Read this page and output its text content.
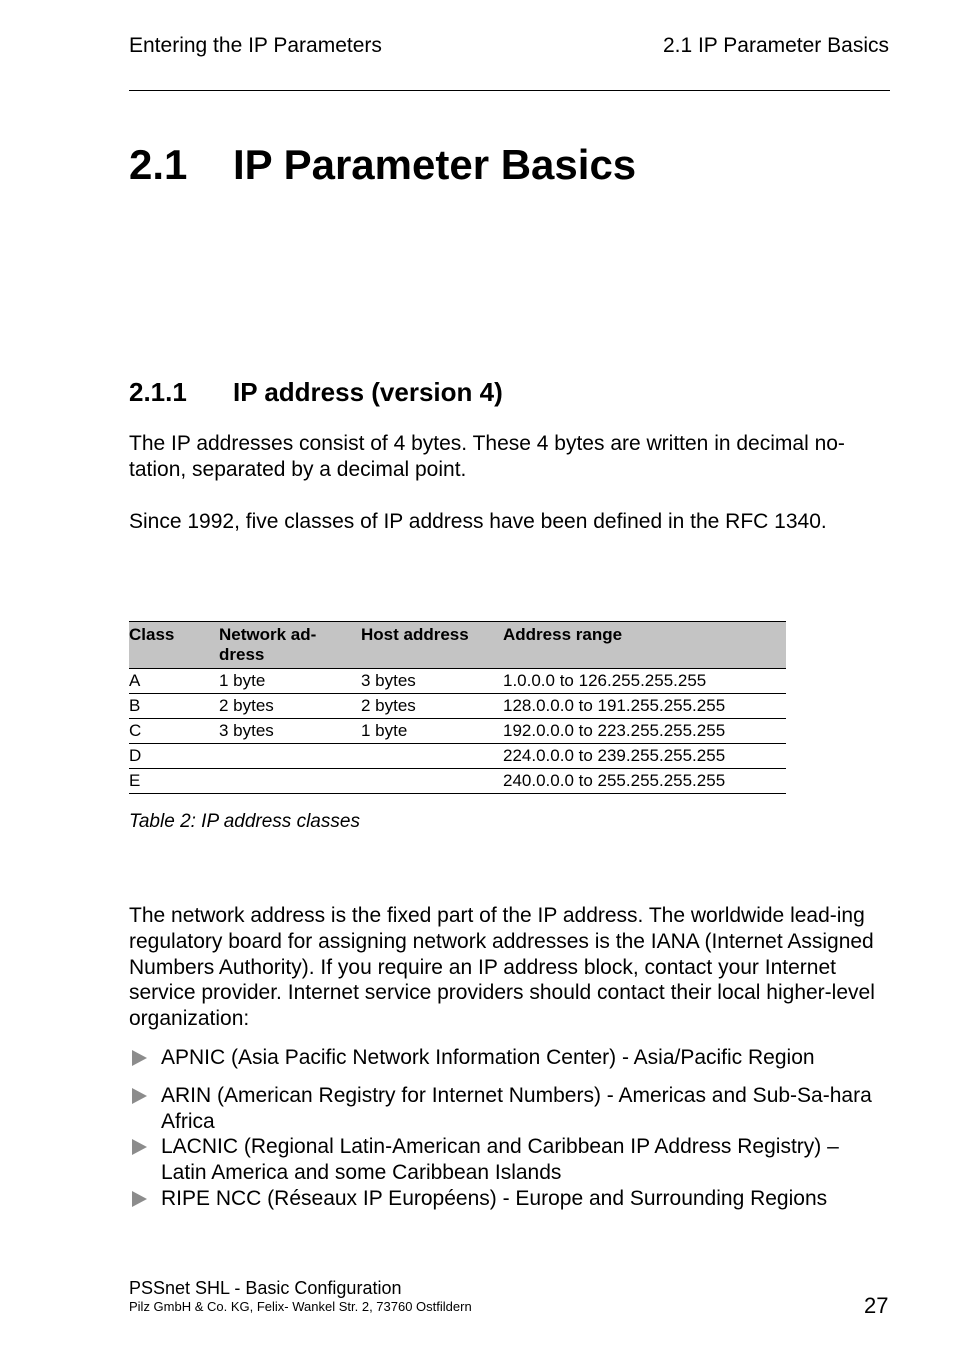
Entering the IP Parameters	2.1 IP Parameter Basics
2.1 IP Parameter Basics
2.1.1 IP address (version 4)

The IP addresses consist of 4 bytes. These 4 bytes are written in decimal no-tation, separated by a decimal point.

Since 1992, five classes of IP address have been defined in the RFC 1340.

Class	Network ad-dress	Host address	Address range
A	1 byte	3 bytes	1.0.0.0 to 126.255.255.255
B	2 bytes	2 bytes	128.0.0.0 to 191.255.255.255
C	3 bytes	1 byte	192.0.0.0 to 223.255.255.255
D			224.0.0.0 to 239.255.255.255
E			240.0.0.0 to 255.255.255.255
Table 2: IP address classes

The network address is the fixed part of the IP address. The worldwide lead-ing regulatory board for assigning network addresses is the IANA (Internet Assigned Numbers Authority). If you require an IP address block, contact your Internet service provider. Internet service providers should contact their local higher-level organization:

APNIC (Asia Pacific Network Information Center) - Asia/Pacific Region
ARIN (American Registry for Internet Numbers) - Americas and Sub-Sa-hara Africa
LACNIC (Regional Latin-American and Caribbean IP Address Registry) – Latin America and some Caribbean Islands
RIPE NCC (Réseaux IP Européens) - Europe and Surrounding Regions
PSSnet SHL - Basic Configuration
Pilz GmbH & Co. KG, Felix- Wankel Str. 2, 73760 Ostfildern	27
